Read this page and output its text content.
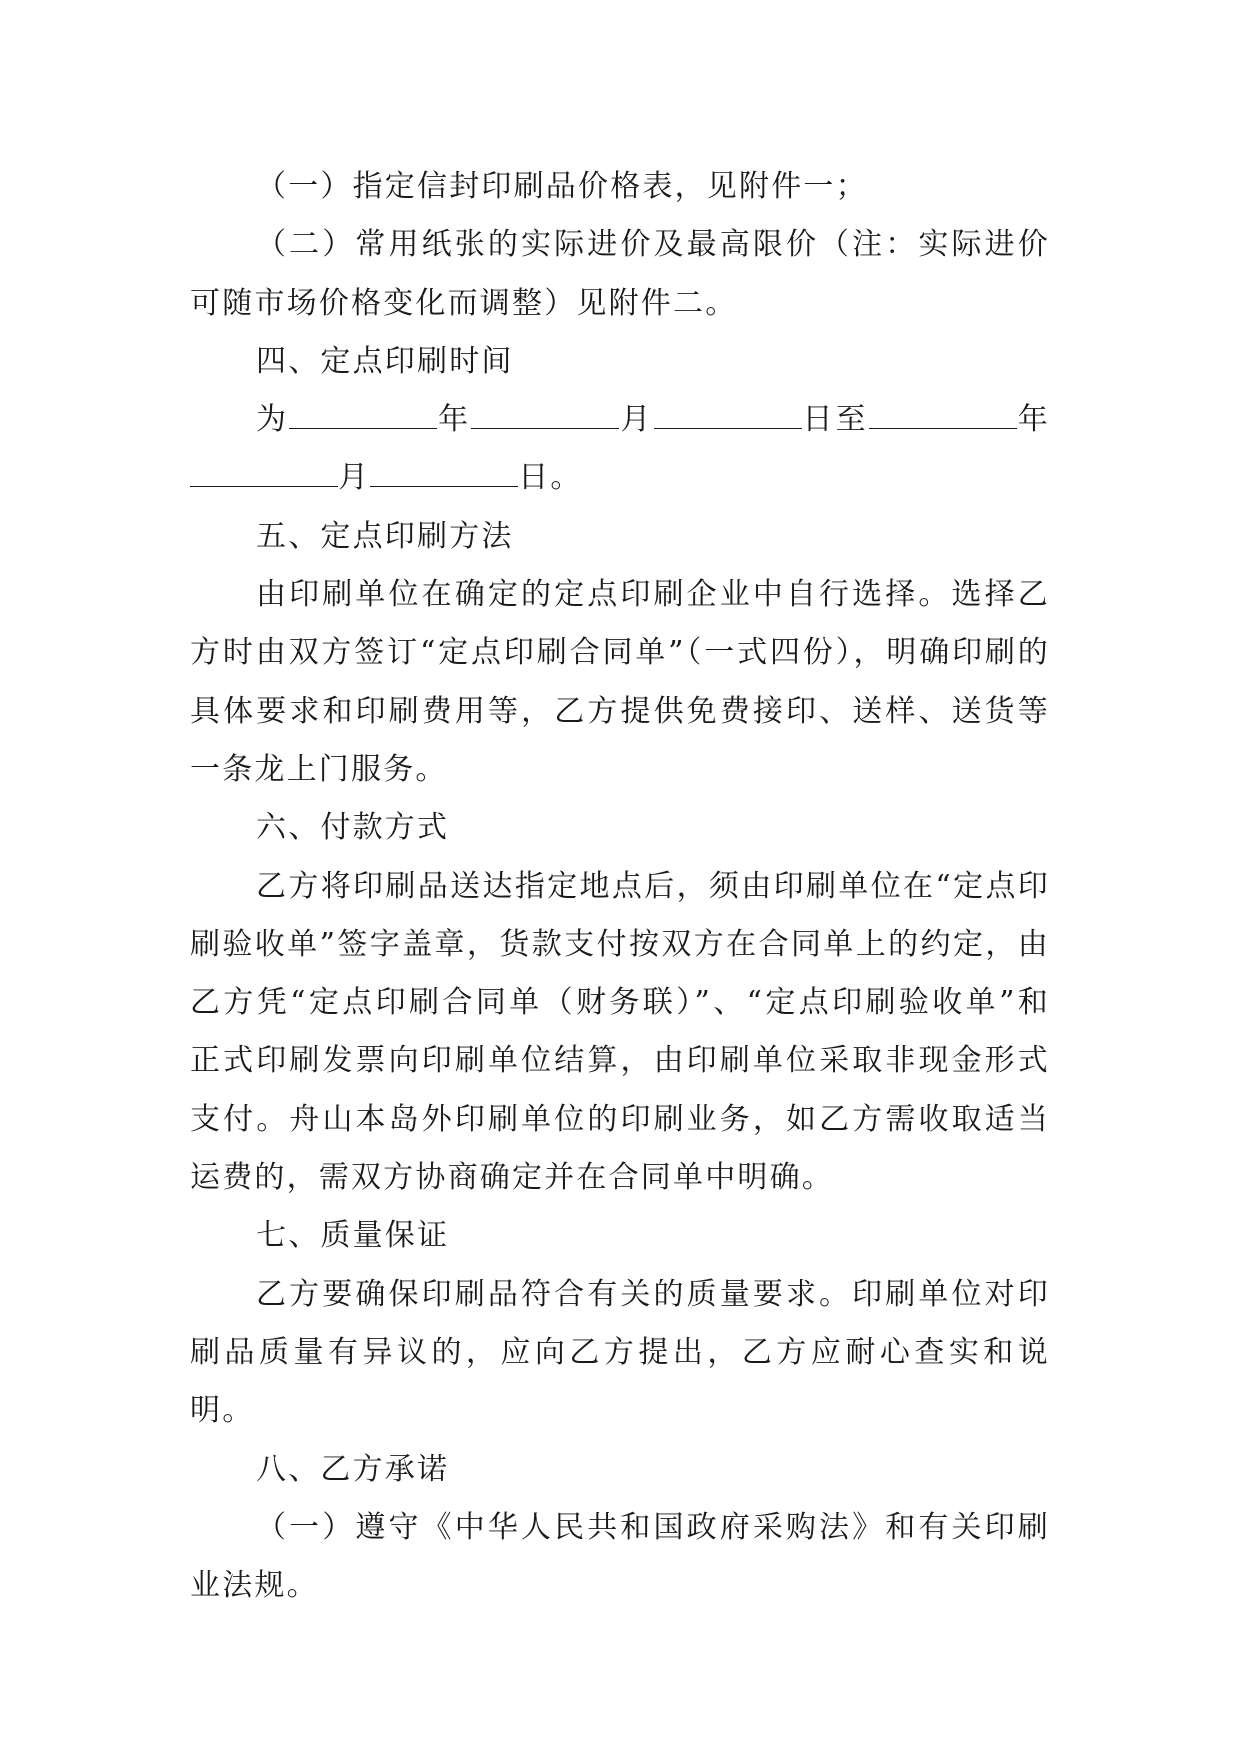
（一）指定信封印刷品价格表，见附件一；

（二）常用纸张的实际进价及最高限价（注：实际进价可随市场价格变化而调整）见附件二。

四、定点印刷时间

为	年	月	日至	年月	日。

五、定点印刷方法

由印刷单位在确定的定点印刷企业中自行选择。选择乙方时由双方签订“定点印刷合同单”（一式四份），明确印刷的具体要求和印刷费用等，乙方提供免费接印、送样、送货等一条龙上门服务。

六、付款方式

乙方将印刷品送达指定地点后，须由印刷单位在“定点印刷验收单”签字盖章，货款支付按双方在合同单上的约定，由乙方凭“定点印刷合同单（财务联）”、“定点印刷验收单”和正式印刷发票向印刷单位结算，由印刷单位采取非现金形式支付。舟山本岛外印刷单位的印刷业务，如乙方需收取适当运费的，需双方协商确定并在合同单中明确。

七、质量保证

乙方要确保印刷品符合有关的质量要求。印刷单位对印刷品质量有异议的，应向乙方提出，乙方应耐心查实和说明。

八、乙方承诺

（一）遵守《中华人民共和国政府采购法》和有关印刷业法规。
